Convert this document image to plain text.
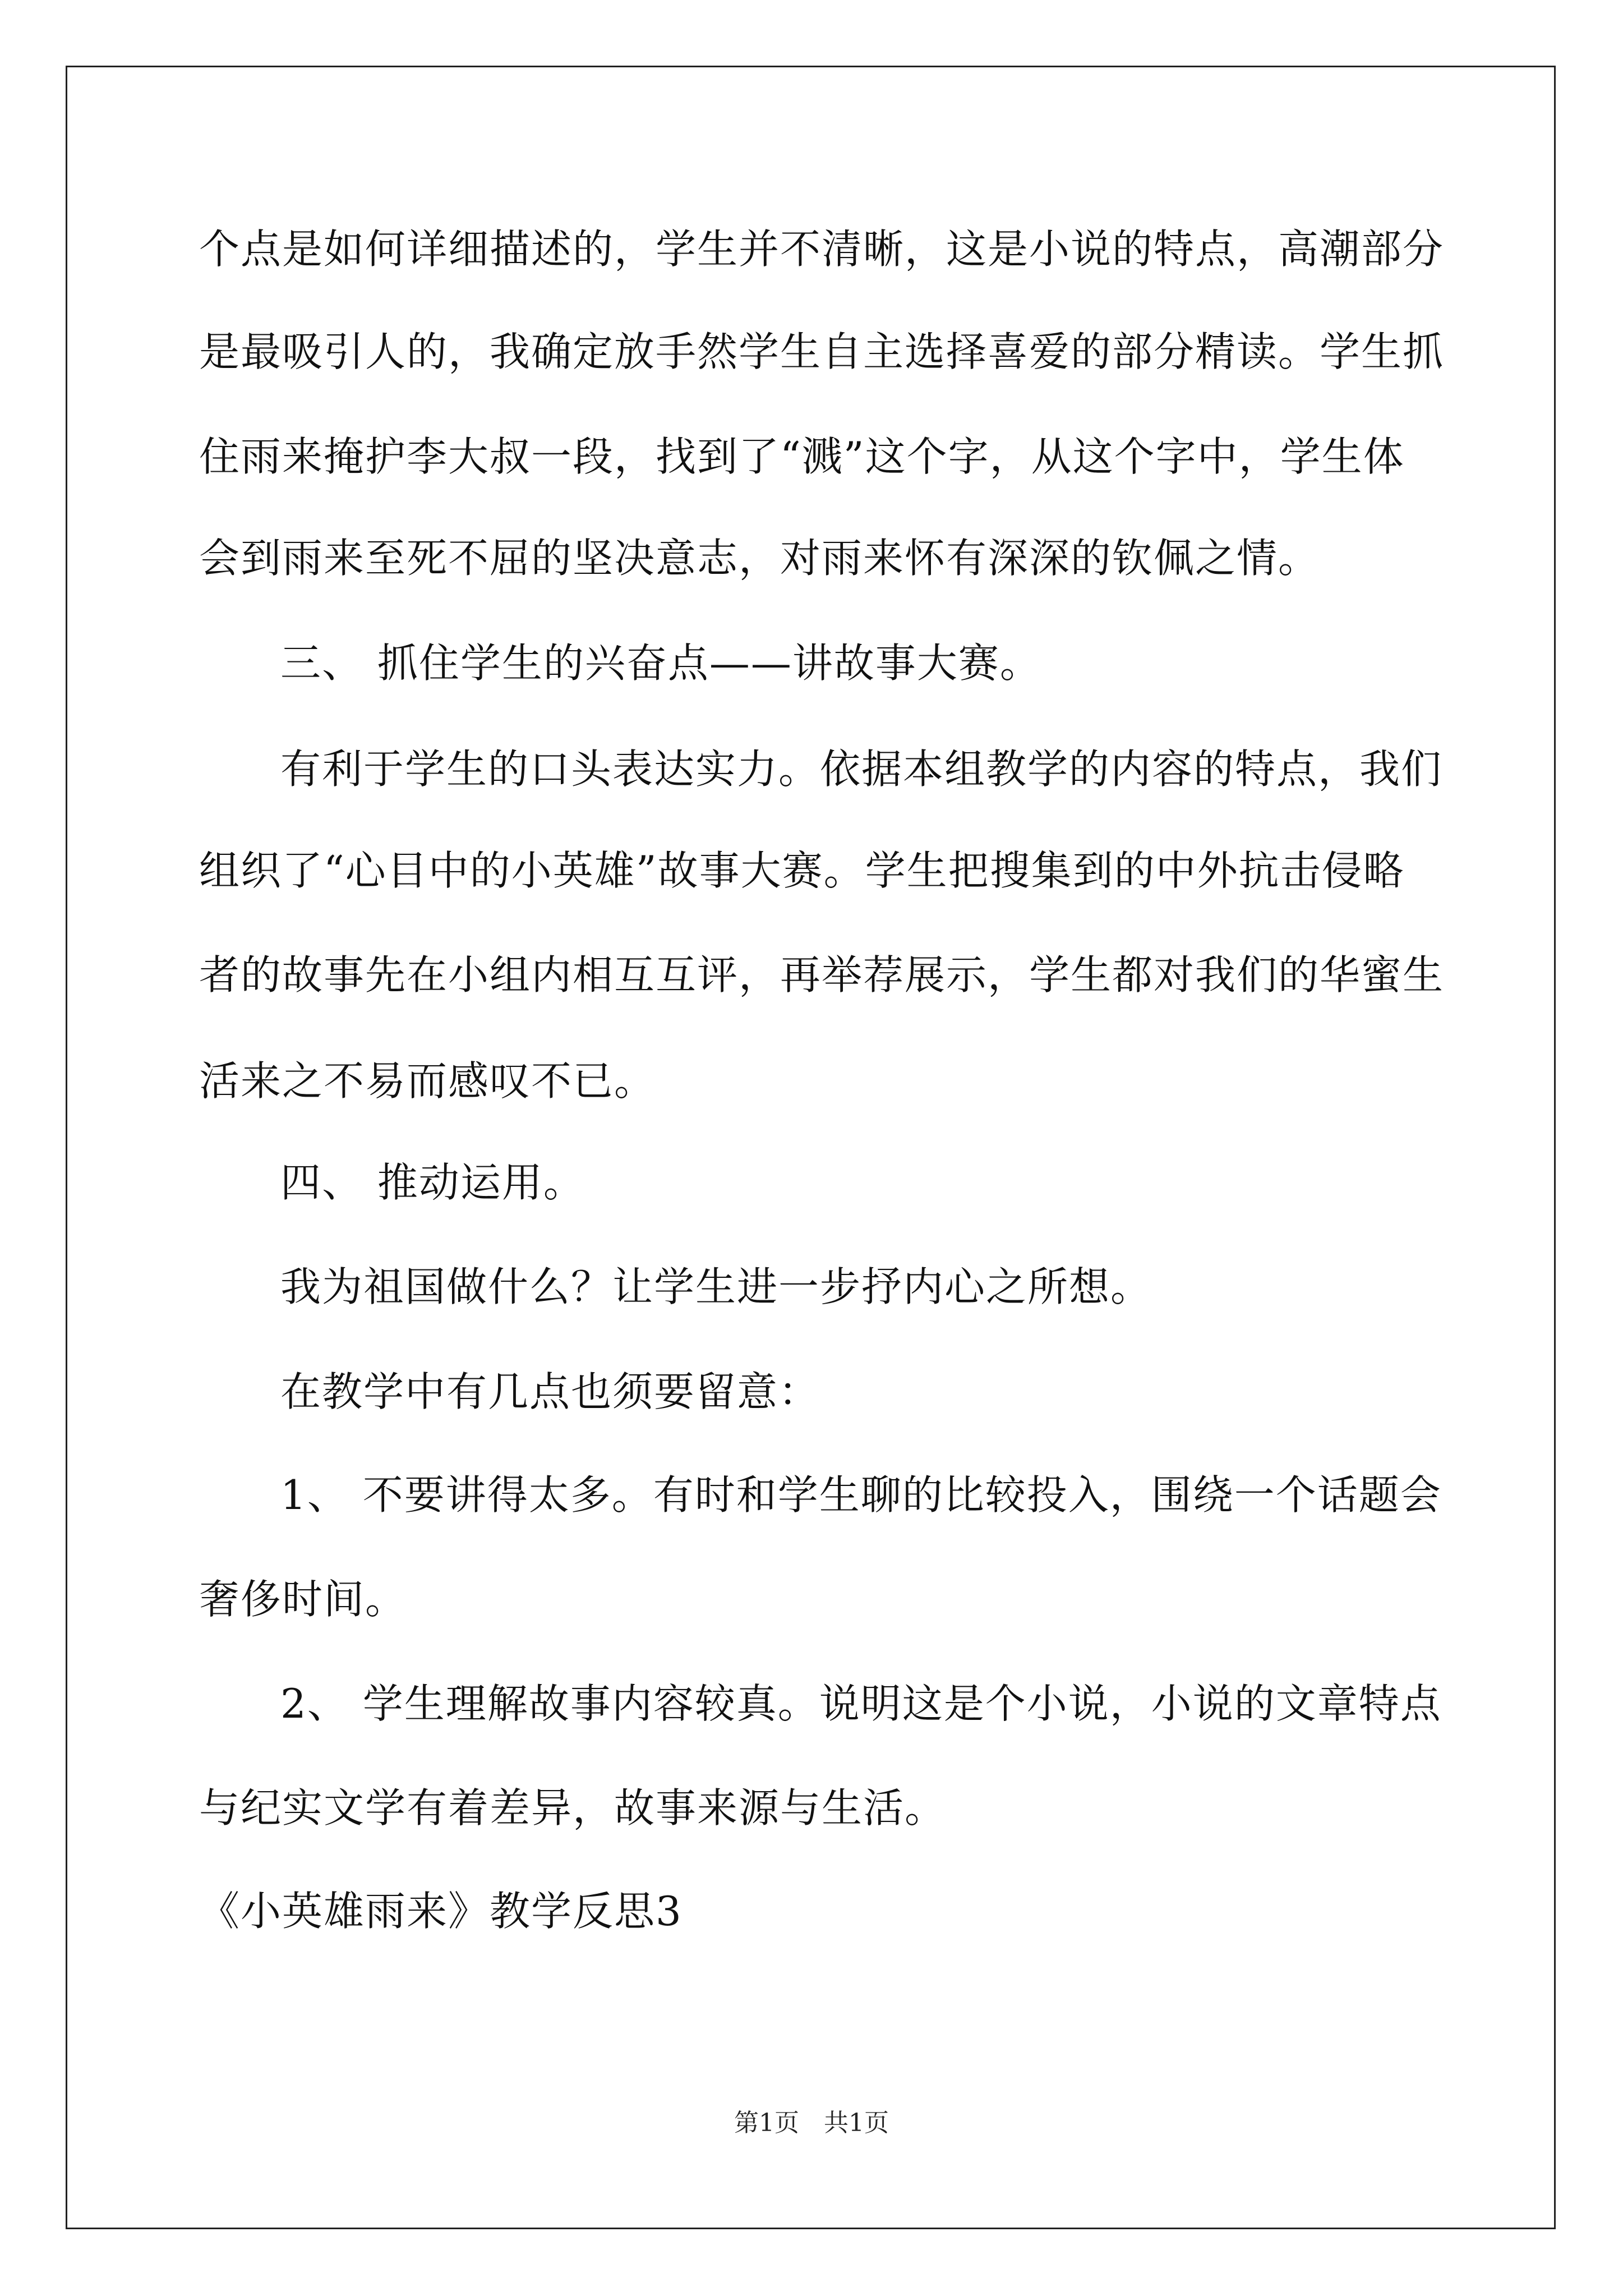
个点是如何详细描述的，学生并不清晰，这是小说的特点，高潮部分
是最吸引人的，我确定放手然学生自主选择喜爱的部分精读。学生抓
住雨来掩护李大叔一段，找到了“溅”这个字，从这个字中，学生体
会到雨来至死不屈的坚决意志，对雨来怀有深深的钦佩之情。
三、 抓住学生的兴奋点——讲故事大赛。
有利于学生的口头表达实力。依据本组教学的内容的特点，我们
组织了“心目中的小英雄”故事大赛。学生把搜集到的中外抗击侵略
者的故事先在小组内相互互评，再举荐展示，学生都对我们的华蜜生
活来之不易而感叹不已。
四、 推动运用。
我为祖国做什么？让学生进一步抒内心之所想。
在教学中有几点也须要留意：
1、 不要讲得太多。有时和学生聊的比较投入，围绕一个话题会
奢侈时间。
2、 学生理解故事内容较真。说明这是个小说，小说的文章特点
与纪实文学有着差异，故事来源与生活。
《小英雄雨来》教学反思3
第1页　共1页
